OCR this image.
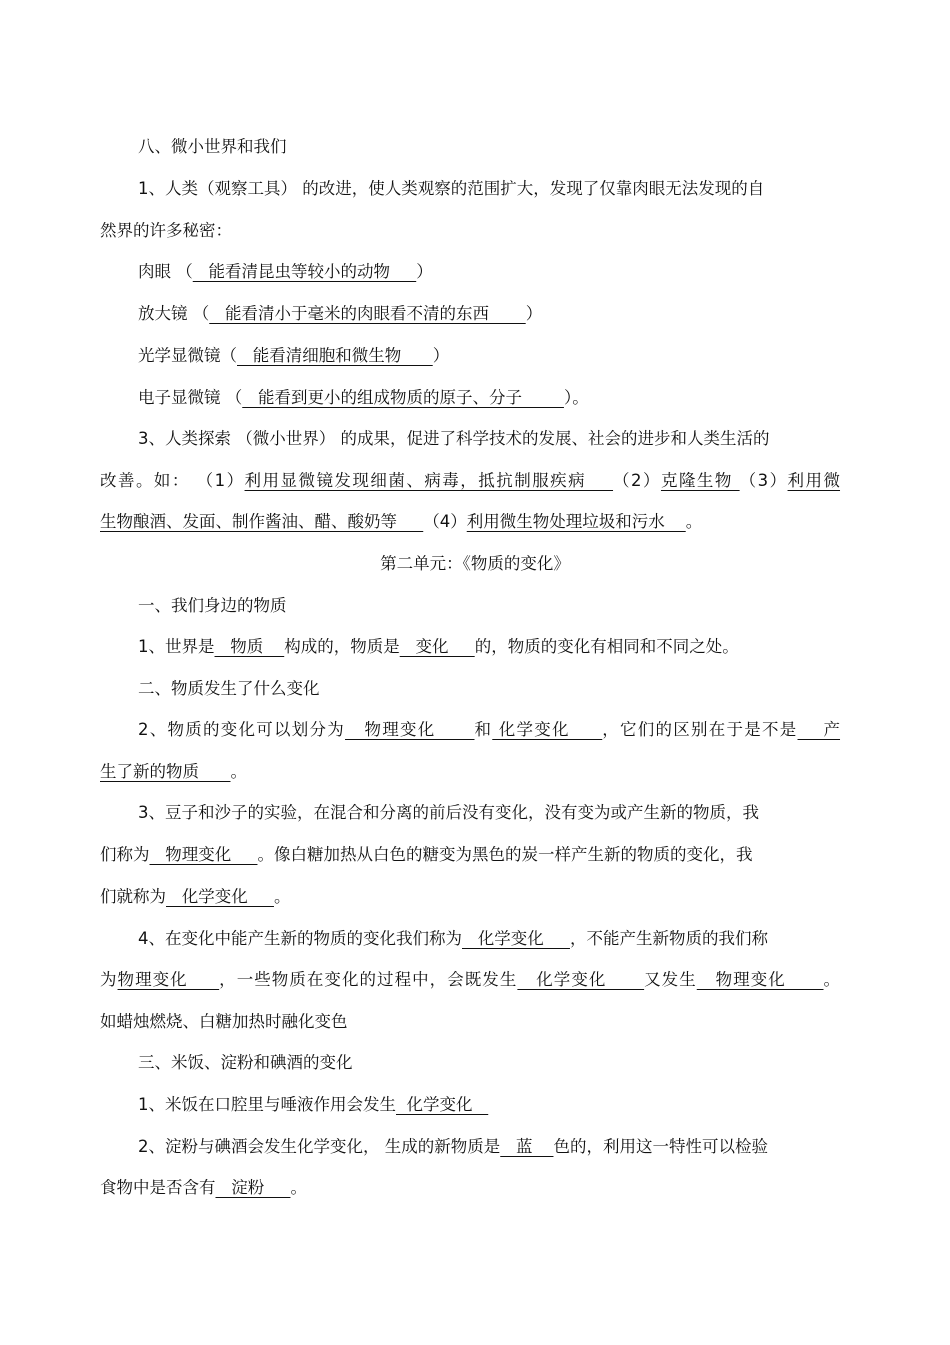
八、微小世界和我们
1、人类（观察工具） 的改进，使人类观察的范围扩大，发现了仅靠肉眼无法发现的自
然界的许多秘密：
肉眼 （   能看清昆虫等较小的动物     ）
放大镜 （   能看清小于毫米的肉眼看不清的东西       ）
光学显微镜（   能看清细胞和微生物      ）
电子显微镜 （   能看到更小的组成物质的原子、分子        ）。
3、人类探索 （微小世界） 的成果，促进了科学技术的发展、社会的进步和人类生活的
改善。如： （1）利用显微镜发现细菌、病毒，抵抗制服疾病    （2）克隆生物 （3）利用微
生物酿酒、发面、制作酱油、醋、酸奶等     （4）利用微生物处理垃圾和污水    。
第二单元：《物质的变化》
一、我们身边的物质
1、世界是   物质    构成的，物质是   变化     的，物质的变化有相同和不同之处。
二、物质发生了什么变化
2、物质的变化可以划分为   物理变化      和 化学变化     ，它们的区别在于是不是    产
生了新的物质      。
3、豆子和沙子的实验，在混合和分离的前后没有变化，没有变为或产生新的物质，我
们称为   物理变化     。像白糖加热从白色的糖变为黑色的炭一样产生新的物质的变化，我
们就称为   化学变化     。
4、在变化中能产生新的物质的变化我们称为   化学变化     ，不能产生新物质的我们称
为物理变化     ，一些物质在变化的过程中，会既发生   化学变化      又发生   物理变化      。
如蜡烛燃烧、白糖加热时融化变色
三、米饭、淀粉和碘酒的变化
1、米饭在口腔里与唾液作用会发生  化学变化
2、淀粉与碘酒会发生化学变化， 生成的新物质是   蓝    色的，利用这一特性可以检验
食物中是否含有   淀粉     。
